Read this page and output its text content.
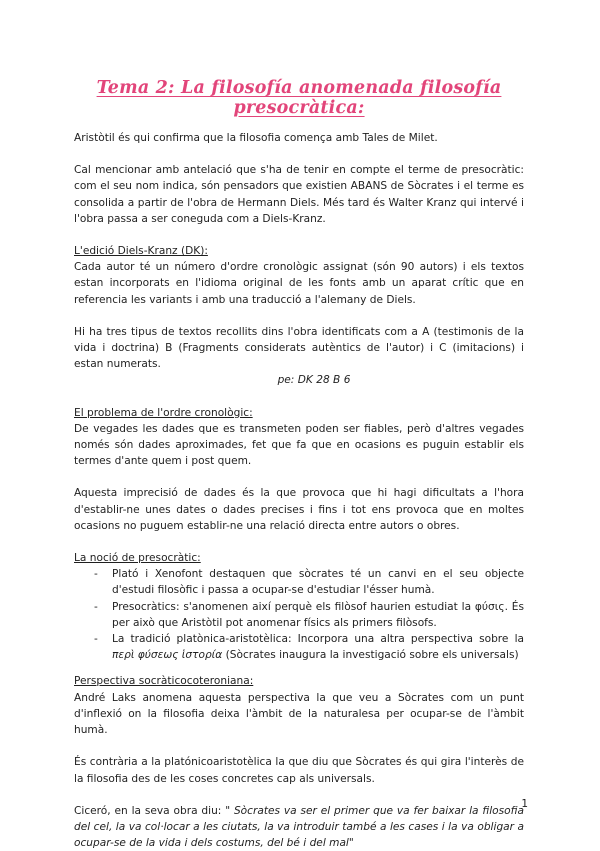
Tema 2: La filosofía anomenada filosofía presocràtica:

Aristòtil és qui confirma que la filosofia comença amb Tales de Milet.

Cal mencionar amb antelació que s'ha de tenir en compte el terme de presocràtic: com el seu nom indica, són pensadors que existien ABANS de Sòcrates i el terme es consolida a partir de l'obra de Hermann Diels. Més tard és Walter Kranz qui intervé i l'obra passa a ser coneguda com a Diels-Kranz.

L'edició Diels-Kranz (DK):

Cada autor té un número d'ordre cronològic assignat (són 90 autors) i els textos estan incorporats en l'idioma original de les fonts amb un aparat crític que en referencia les variants i amb una traducció a l'alemany de Diels.

Hi ha tres tipus de textos recollits dins l'obra identificats com a A (testimonis de la vida i doctrina) B (Fragments considerats autèntics de l'autor) i C (imitacions) i estan numerats.

pe: DK 28 B 6

El problema de l'ordre cronològic:

De vegades les dades que es transmeten poden ser fiables, però d'altres vegades només són dades aproximades, fet que fa que en ocasions es puguin establir els termes d'ante quem i post quem.

Aquesta imprecisió de dades és la que provoca que hi hagi dificultats a l'hora d'establir-ne unes dates o dades precises i fins i tot ens provoca que en moltes ocasions no puguem establir-ne una relació directa entre autors o obres.

La noció de presocràtic:

- Plató i Xenofont destaquen que sòcrates té un canvi en el seu objecte d'estudi filosòfic i passa a ocupar-se d'estudiar l'ésser humà.
- Presocràtics: s'anomenen així perquè els filòsof haurien estudiat la φύσις. És per això que Aristòtil pot anomenar físics als primers filòsofs.
- La tradició platònica-aristotèlica: Incorpora una altra perspectiva sobre la περὶ φύσεως ἱστορία (Sòcrates inaugura la investigació sobre els universals)

Perspectiva socràticocoteroniana:

André Laks anomena aquesta perspectiva la que veu a Sòcrates com un punt d'inflexió on la filosofia deixa l'àmbit de la naturalesa per ocupar-se de l'àmbit humà.

És contrària a la platónicoaristotèlica la que diu que Sòcrates és qui gira l'interès de la filosofia des de les coses concretes cap als universals.

Ciceró, en la seva obra diu: " Sòcrates va ser el primer que va fer baixar la filosofia del cel, la va col·locar a les ciutats, la va introduir també a les cases i la va obligar a ocupar-se de la vida i dels costums, del bé i del mal"

1
